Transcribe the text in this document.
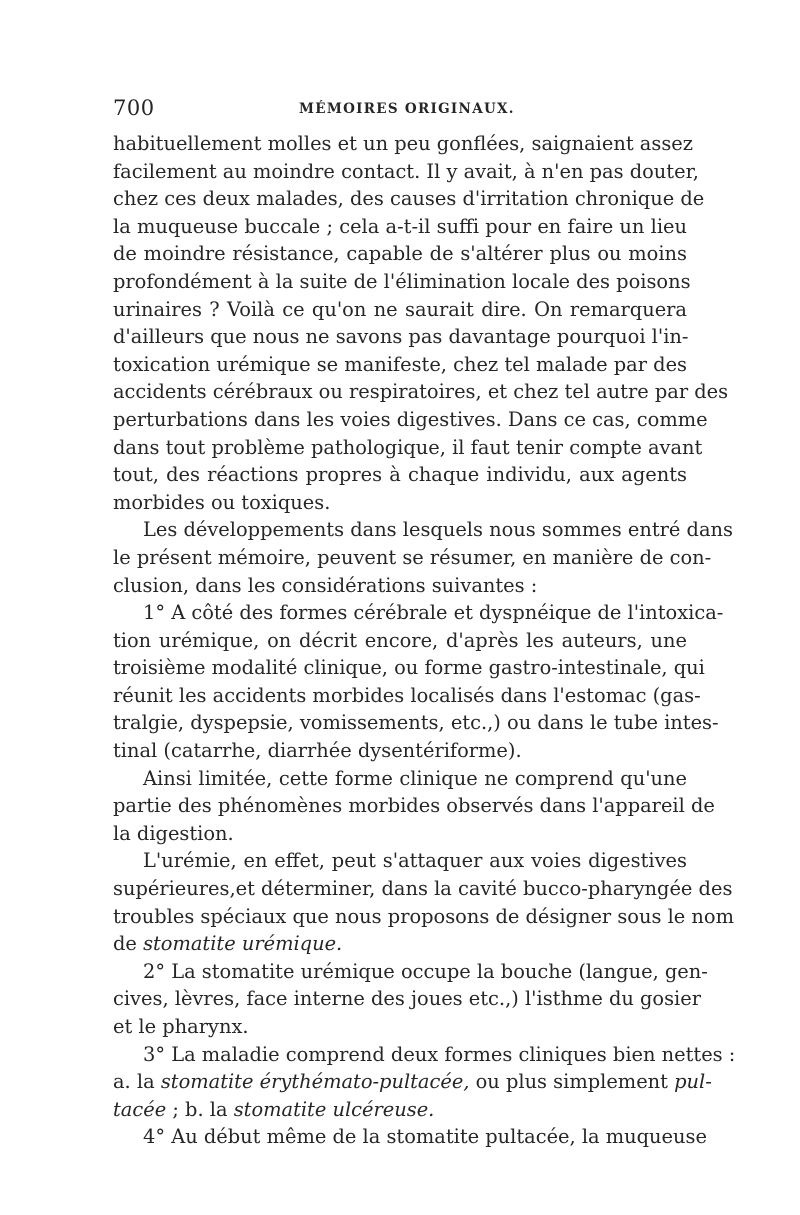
700	MÉMOIRES ORIGINAUX.
habituellement molles et un peu gonflées, saignaient assez
facilement au moindre contact. Il y avait, à n'en pas douter,
chez ces deux malades, des causes d'irritation chronique de
la muqueuse buccale ; cela a-t-il suffi pour en faire un lieu
de moindre résistance, capable de s'altérer plus ou moins
profondément à la suite de l'élimination locale des poisons
urinaires ? Voilà ce qu'on ne saurait dire. On remarquera
d'ailleurs que nous ne savons pas davantage pourquoi l'in-
toxication urémique se manifeste, chez tel malade par des
accidents cérébraux ou respiratoires, et chez tel autre par des
perturbations dans les voies digestives. Dans ce cas, comme
dans tout problème pathologique, il faut tenir compte avant
tout, des réactions propres à chaque individu, aux agents
morbides ou toxiques.
Les développements dans lesquels nous sommes entré dans
le présent mémoire, peuvent se résumer, en manière de con-
clusion, dans les considérations suivantes :
1° A côté des formes cérébrale et dyspnéique de l'intoxica-
tion urémique, on décrit encore, d'après les auteurs, une
troisième modalité clinique, ou forme gastro-intestinale, qui
réunit les accidents morbides localisés dans l'estomac (gas-
tralgie, dyspepsie, vomissements, etc.,) ou dans le tube intes-
tinal (catarrhe, diarrhée dysentériforme).
Ainsi limitée, cette forme clinique ne comprend qu'une
partie des phénomènes morbides observés dans l'appareil de
la digestion.
L'urémie, en effet, peut s'attaquer aux voies digestives
supérieures,et déterminer, dans la cavité bucco-pharyngée des
troubles spéciaux que nous proposons de désigner sous le nom
de stomatite urémique.
2° La stomatite urémique occupe la bouche (langue, gen-
cives, lèvres, face interne des joues etc.,) l'isthme du gosier
et le pharynx.
3° La maladie comprend deux formes cliniques bien nettes :
a. la stomatite érythémato-pultacée, ou plus simplement pul-
tacée ; b. la stomatite ulcéreuse.
4° Au début même de la stomatite pultacée, la muqueuse
